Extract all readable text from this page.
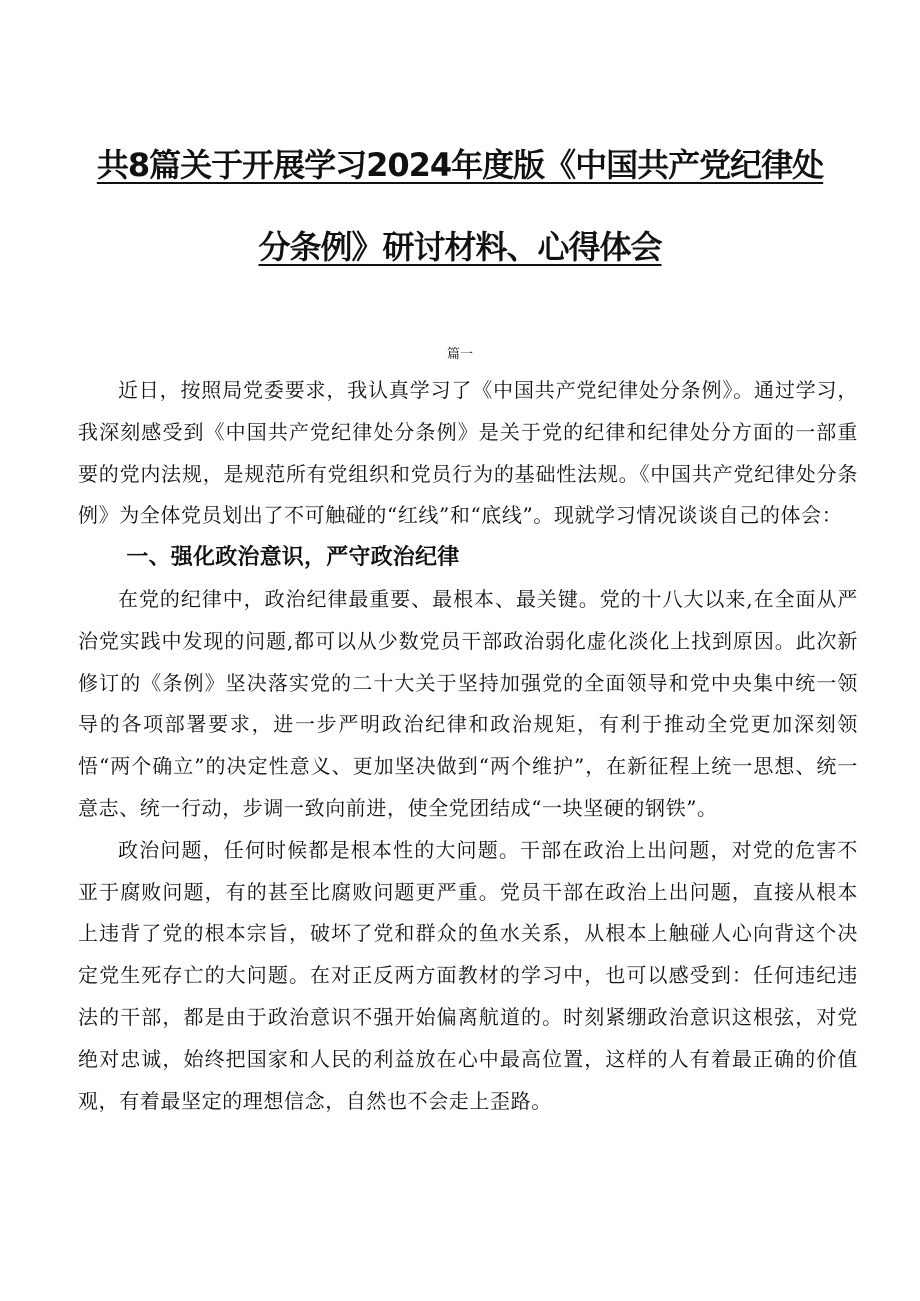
共8篇关于开展学习2024年度版《中国共产党纪律处
分条例》研讨材料、心得体会

篇一

近日，按照局党委要求，我认真学习了《中国共产党纪律处分条例》。通过学习，我深刻感受到《中国共产党纪律处分条例》是关于党的纪律和纪律处分方面的一部重要的党内法规，是规范所有党组织和党员行为的基础性法规。《中国共产党纪律处分条例》为全体党员划出了不可触碰的“红线”和“底线”。现就学习情况谈谈自己的体会：

一、强化政治意识，严守政治纪律

在党的纪律中，政治纪律最重要、最根本、最关键。党的十八大以来,在全面从严治党实践中发现的问题,都可以从少数党员干部政治弱化虚化淡化上找到原因。此次新修订的《条例》坚决落实党的二十大关于坚持加强党的全面领导和党中央集中统一领导的各项部署要求，进一步严明政治纪律和政治规矩，有利于推动全党更加深刻领悟“两个确立”的决定性意义、更加坚决做到“两个维护”，在新征程上统一思想、统一意志、统一行动，步调一致向前进，使全党团结成“一块坚硬的钢铁”。

政治问题，任何时候都是根本性的大问题。干部在政治上出问题，对党的危害不亚于腐败问题，有的甚至比腐败问题更严重。党员干部在政治上出问题，直接从根本上违背了党的根本宗旨，破坏了党和群众的鱼水关系，从根本上触碰人心向背这个决定党生死存亡的大问题。在对正反两方面教材的学习中，也可以感受到：任何违纪违法的干部，都是由于政治意识不强开始偏离航道的。时刻紧绷政治意识这根弦，对党绝对忠诚，始终把国家和人民的利益放在心中最高位置，这样的人有着最正确的价值观，有着最坚定的理想信念，自然也不会走上歪路。
